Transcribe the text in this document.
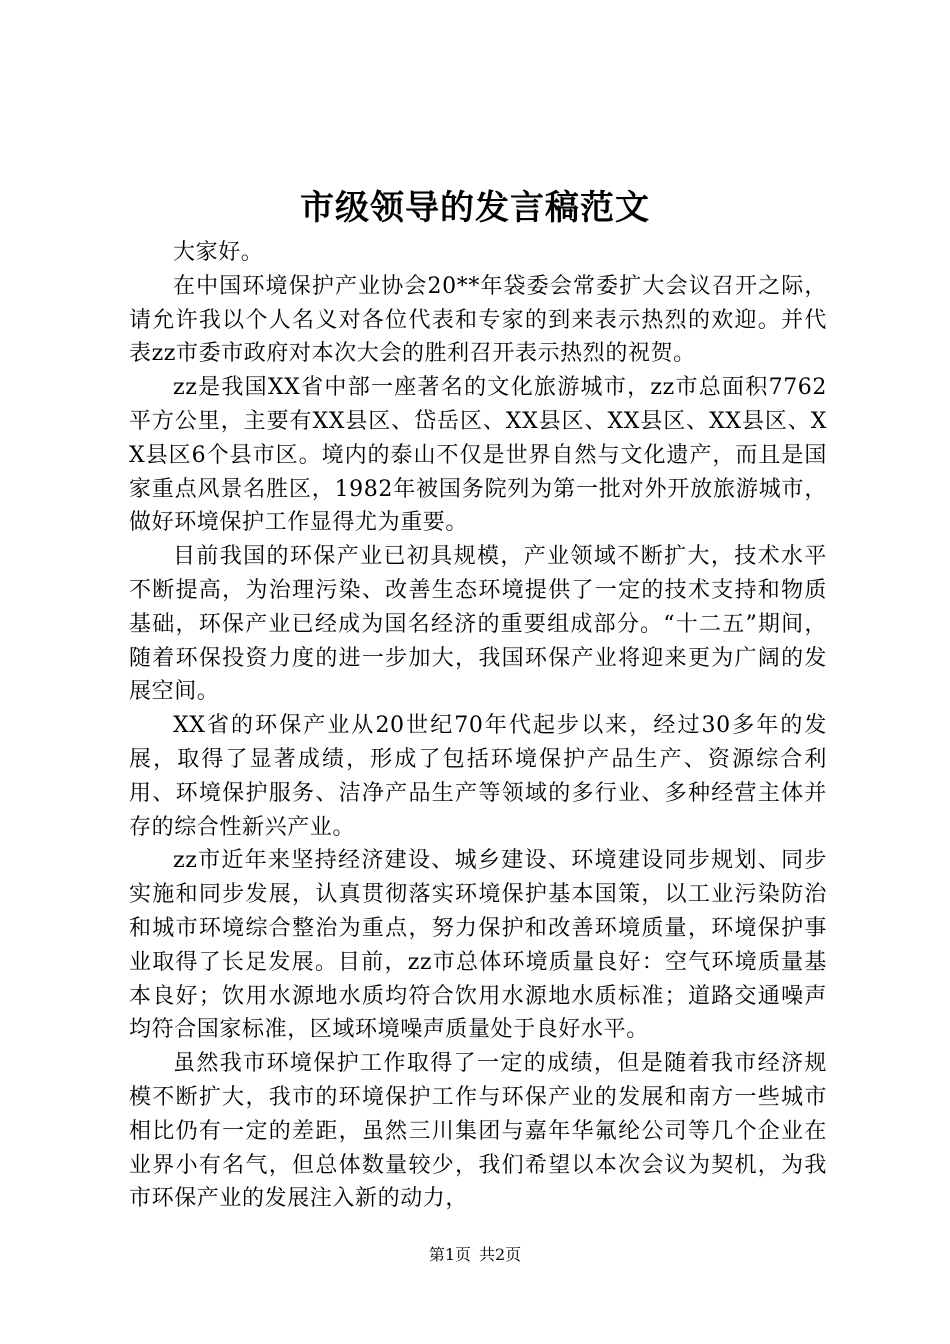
市级领导的发言稿范文

大家好。

在中国环境保护产业协会20**年袋委会常委扩大会议召开之际，请允许我以个人名义对各位代表和专家的到来表示热烈的欢迎。并代表zz市委市政府对本次大会的胜利召开表示热烈的祝贺。

zz是我国XX省中部一座著名的文化旅游城市，zz市总面积7762平方公里，主要有XX县区、岱岳区、XX县区、XX县区、XX县区、XX县区6个县市区。境内的泰山不仅是世界自然与文化遗产，而且是国家重点风景名胜区，1982年被国务院列为第一批对外开放旅游城市，做好环境保护工作显得尤为重要。

目前我国的环保产业已初具规模，产业领域不断扩大，技术水平不断提高，为治理污染、改善生态环境提供了一定的技术支持和物质基础，环保产业已经成为国名经济的重要组成部分。“十二五”期间，随着环保投资力度的进一步加大，我国环保产业将迎来更为广阔的发展空间。

XX省的环保产业从20世纪70年代起步以来，经过30多年的发展，取得了显著成绩，形成了包括环境保护产品生产、资源综合利用、环境保护服务、洁净产品生产等领域的多行业、多种经营主体并存的综合性新兴产业。

zz市近年来坚持经济建设、城乡建设、环境建设同步规划、同步实施和同步发展，认真贯彻落实环境保护基本国策，以工业污染防治和城市环境综合整治为重点，努力保护和改善环境质量，环境保护事业取得了长足发展。目前，zz市总体环境质量良好：空气环境质量基本良好；饮用水源地水质均符合饮用水源地水质标准；道路交通噪声均符合国家标准，区域环境噪声质量处于良好水平。

虽然我市环境保护工作取得了一定的成绩，但是随着我市经济规模不断扩大，我市的环境保护工作与环保产业的发展和南方一些城市相比仍有一定的差距，虽然三川集团与嘉年华氟纶公司等几个企业在业界小有名气，但总体数量较少，我们希望以本次会议为契机，为我市环保产业的发展注入新的动力，

第1页 共2页
